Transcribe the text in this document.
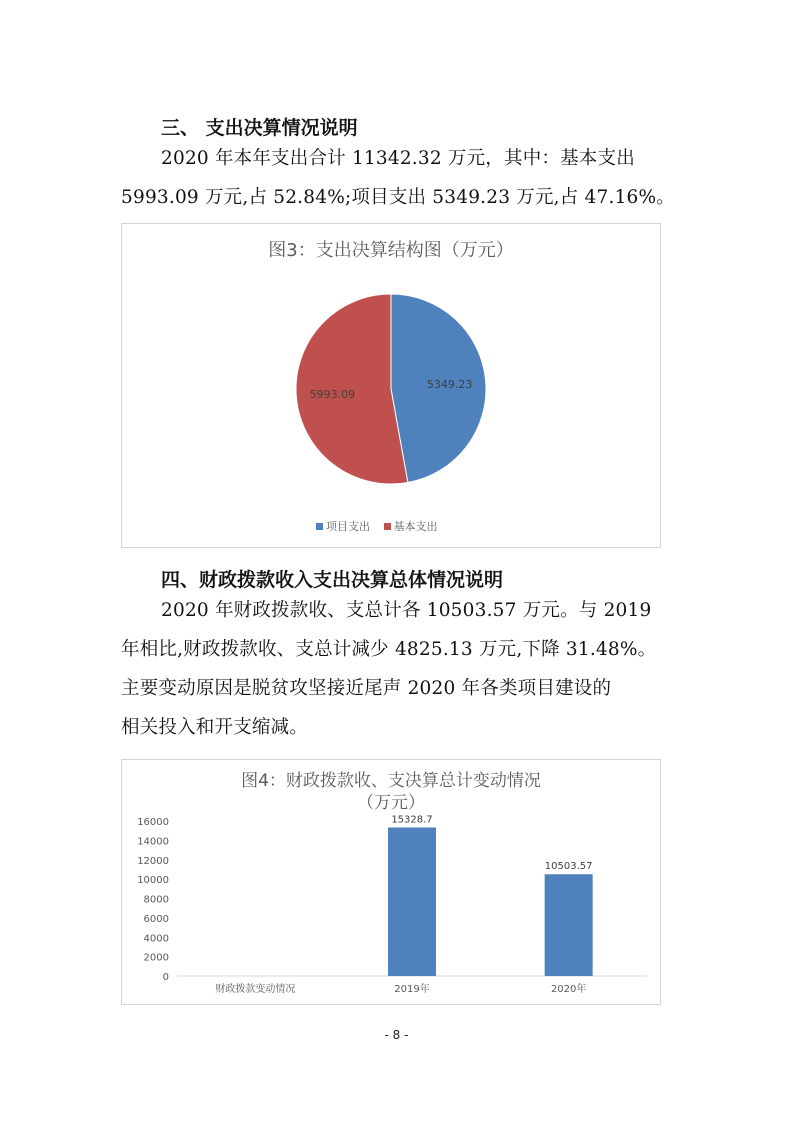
三、 支出决算情况说明
2020 年本年支出合计 11342.32 万元，其中：基本支出
5993.09 万元,占 52.84%;项目支出 5349.23 万元,占 47.16%。
图3：支出决算结构图（万元）
5349.23
5993.09
项目支出 基本支出
四、财政拨款收入支出决算总体情况说明
2020 年财政拨款收、支总计各 10503.57 万元。与 2019
年相比,财政拨款收、支总计减少 4825.13 万元,下降 31.48%。
主要变动原因是脱贫攻坚接近尾声 2020 年各类项目建设的
相关投入和开支缩减。
图4：财政拨款收、支决算总计变动情况
（万元）
0
2000
4000
6000
8000
10000
12000
14000
16000
财政拨款变动情况
15328.7
2019年
10503.57
2020年
- 8 -
